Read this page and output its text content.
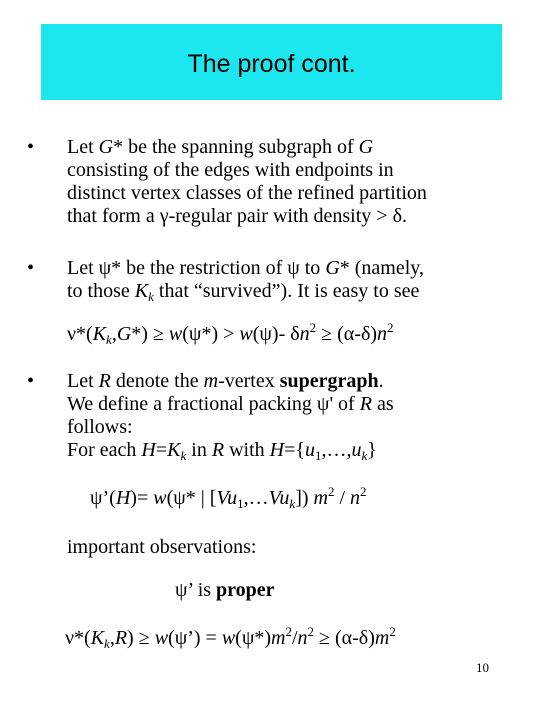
The proof cont.
• Let G* be the spanning subgraph of G
consisting of the edges with endpoints in
distinct vertex classes of the refined partition
that form a γ-regular pair with density > δ.
• Let ψ* be the restriction of ψ to G* (namely,
to those $K_k$ that “survived”). It is easy to see
$\nu*(K_k,G*) \ge w(\psi*) > w(\psi)-$ $\delta n^2 \ge (\alpha-\delta)n^2$
• Let R denote the m-vertex supergraph.
We define a fractional packing ψ' of R as
follows:
For each $H=K_k$ in R with $H=\{u_1,\dots,u_k\}$
ψ’(H)= w(ψ* | $[Vu_1,\dots Vu_k]$) $m^2 / n^2$
important observations:
ψ’ is proper
$\nu*(K_k,R)$ ≥ w(ψ’) = $w(\psi*)m^2/n^2 \ge (\alpha-\delta)m^2$
10
